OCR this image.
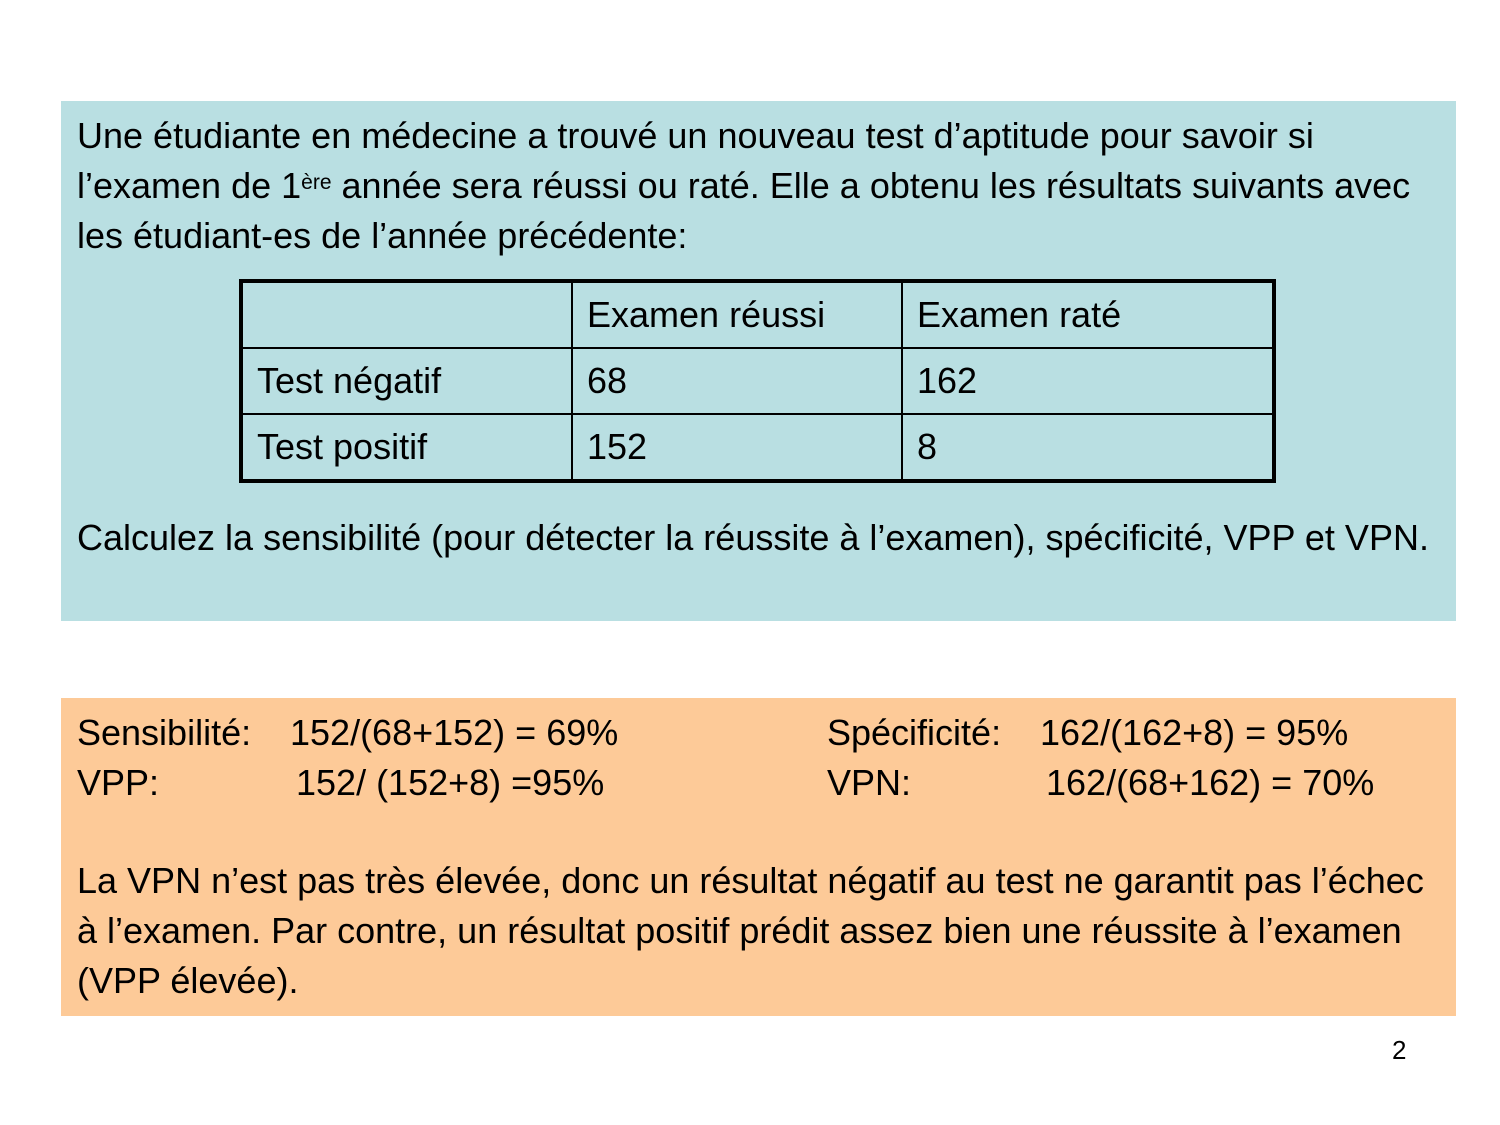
Une étudiante en médecine a trouvé un nouveau test d’aptitude pour savoir si l’examen de 1ère année sera réussi ou raté. Elle a obtenu les résultats suivants avec les étudiant-es de l’année précédente:

	Examen réussi	Examen raté
Test négatif	68	162
Test positif	152	8

Calculez la sensibilité (pour détecter la réussite à l’examen), spécificité, VPP et VPN.

Sensibilité: 152/(68+152) = 69%	Spécificité: 162/(162+8) = 95%
VPP:	152/ (152+8) =95%	VPN:	162/(68+162) = 70%

La VPN n’est pas très élevée, donc un résultat négatif au test ne garantit pas l’échec à l’examen. Par contre, un résultat positif prédit assez bien une réussite à l’examen (VPP élevée).

2
